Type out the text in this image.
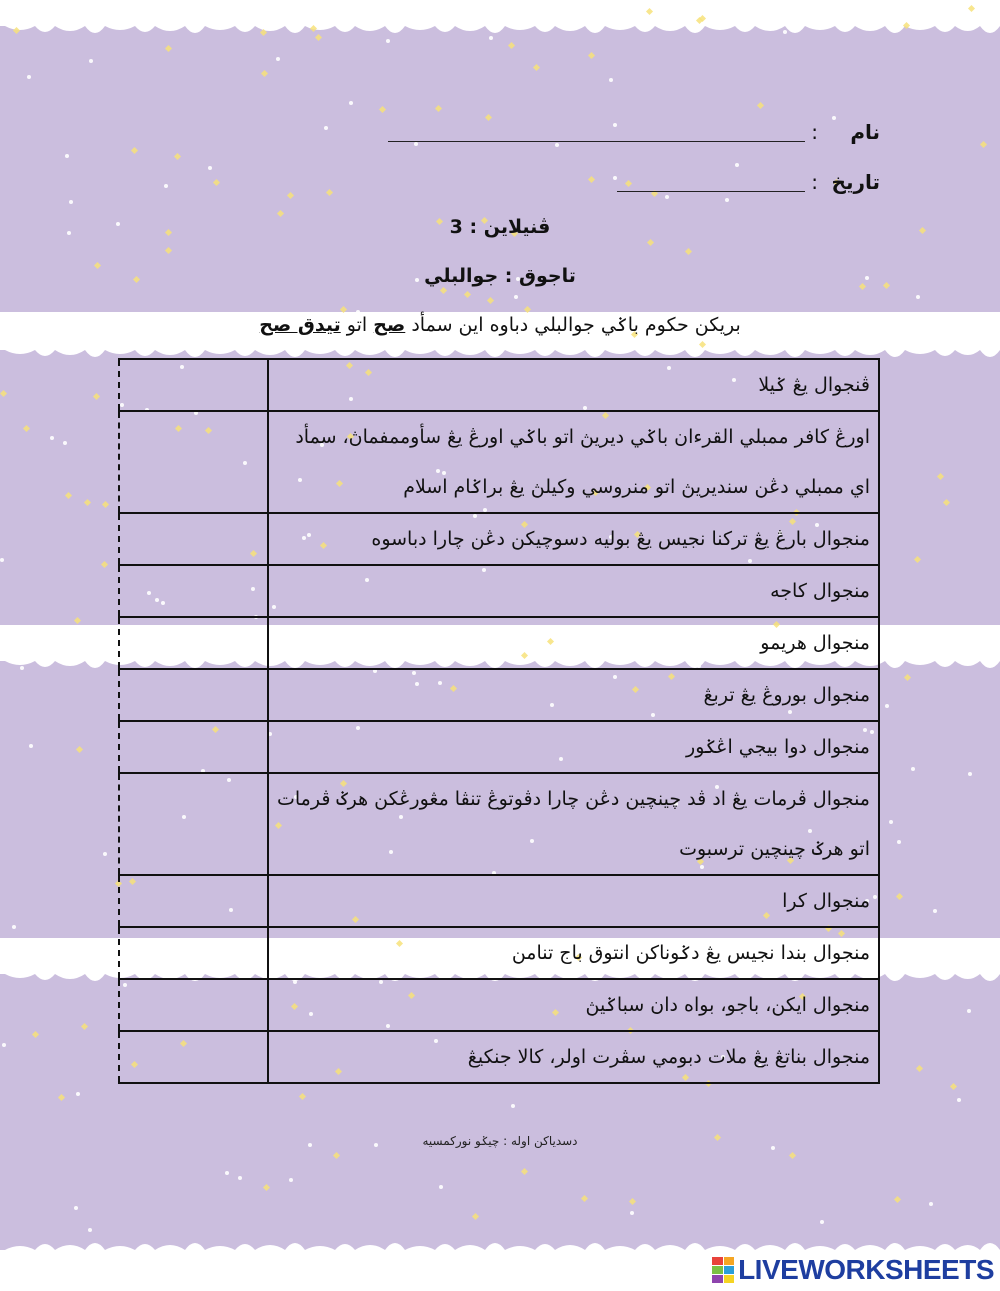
نام
:
تاريخ
:
ڤنيلاين : 3
تاجوق : جوالبلي
بريكن حكوم باݢي جوالبلي دباوه اين سمأد صح اتو تيدق صح
	ڤنجوال يڠ ݢيلا
	اورڠ كافر ممبلي القرءان باݢي ديريڽ اتو باݢي اورڠ يڠ سأوممفماڽ، سمأد اي ممبلي دڠن سنديريڽ اتو منروسي وكيلڽ يڠ براݢام اسلام
	منجوال بارڠ يڠ تركنا نجيس يڠ بوليه دسوچيكن دڠن چارا دباسوه
	منجوال کاجه
	منجوال هريمو
	منجوال بوروڠ يڠ تربڠ
	منجوال دوا بيجي اڠݢور
	منجوال ڤرمات يڠ اد ڤد چينچين دڠن چارا دڤوتوڠ تنڤا مڠورڠكن هرݢ ڤرمات اتو هرݢ چينچين ترسبوت
	منجوال كرا
	منجوال بندا نجيس يڠ دݢوناكن انتوق باج تنامن
	منجوال ايكن، باجو، بواه دان سباݢيڽ
	منجوال بناتڠ يڠ ملات دبومي سڤرت اولر، كالا جنكيڠ
دسدياكن اوله : چيݢو نوركمسيه
LIVEWORKSHEETS
